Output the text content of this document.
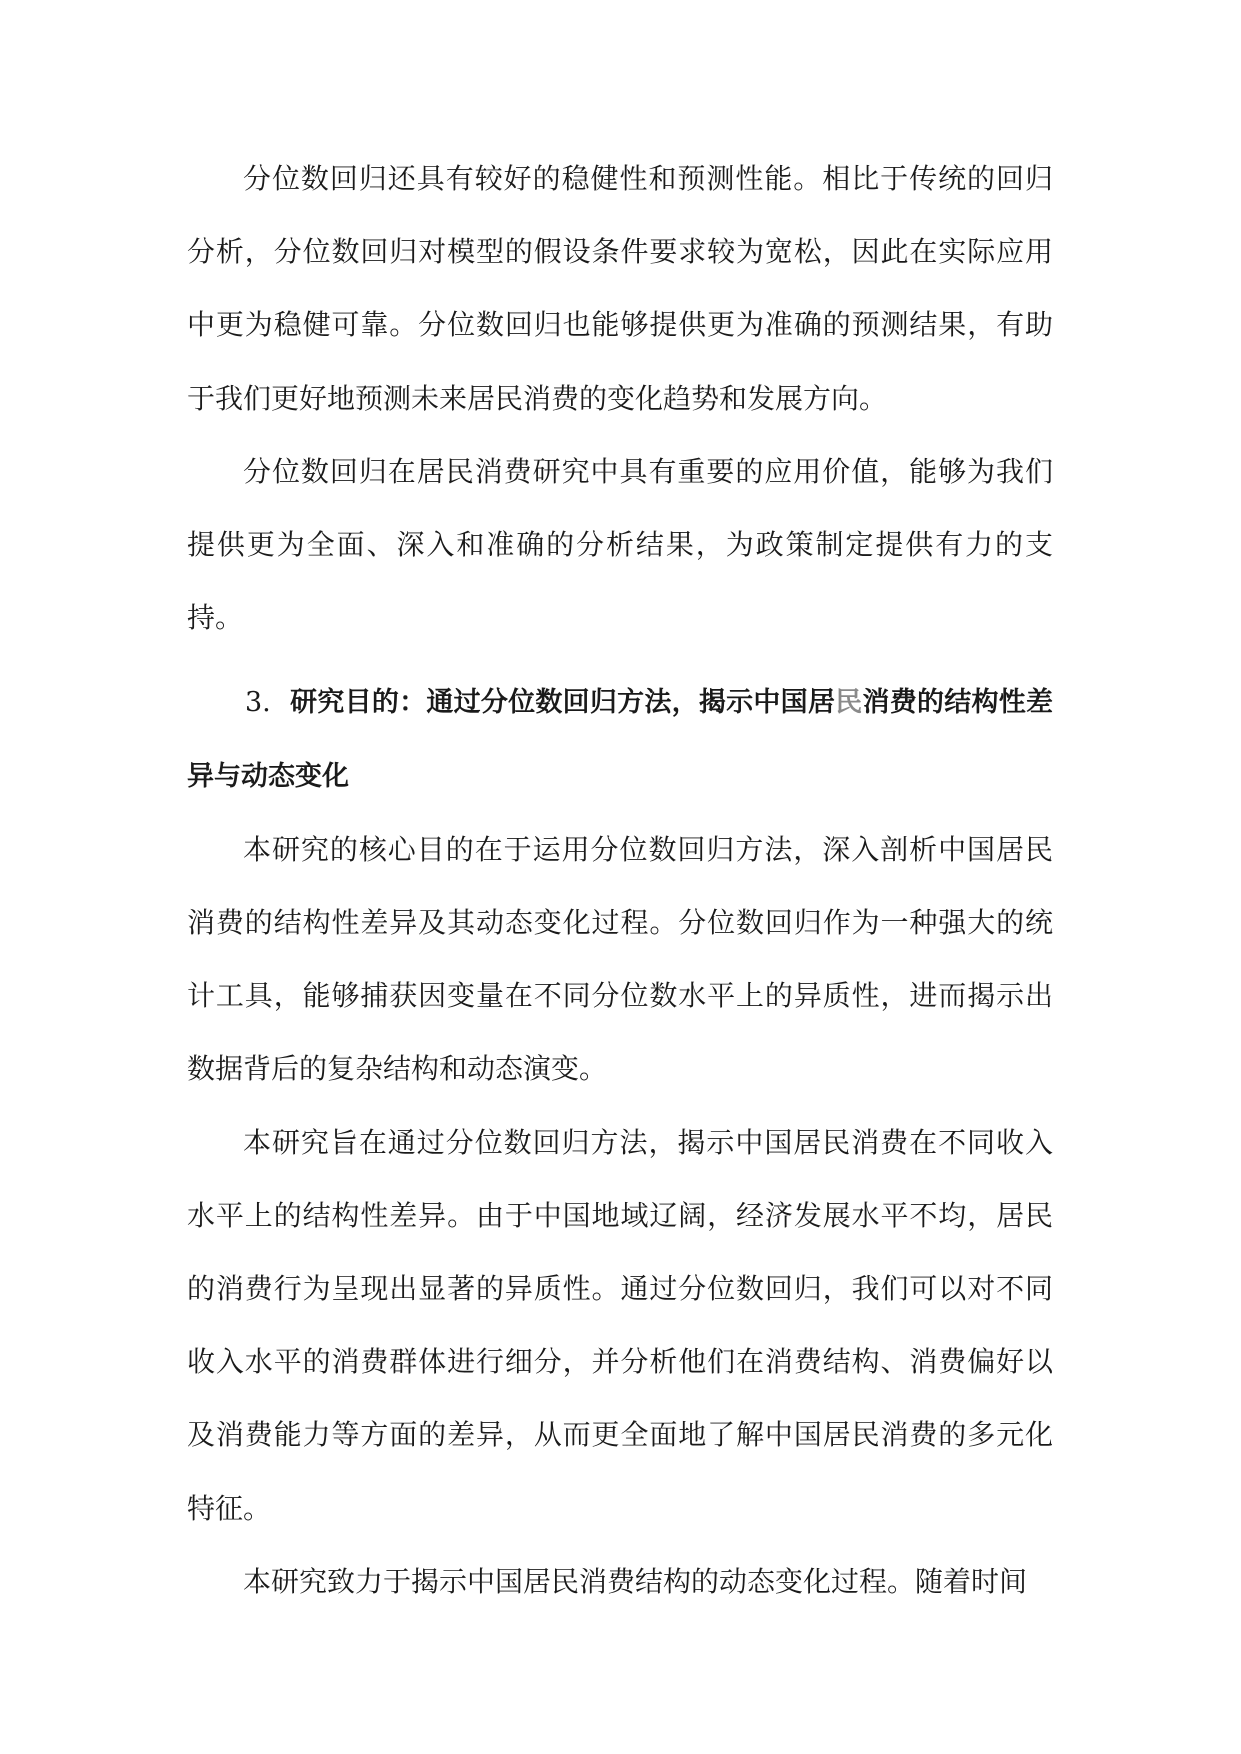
分位数回归还具有较好的稳健性和预测性能。相比于传统的回归分析，分位数回归对模型的假设条件要求较为宽松，因此在实际应用中更为稳健可靠。分位数回归也能够提供更为准确的预测结果，有助于我们更好地预测未来居民消费的变化趋势和发展方向。

分位数回归在居民消费研究中具有重要的应用价值，能够为我们提供更为全面、深入和准确的分析结果，为政策制定提供有力的支持。

3. 研究目的：通过分位数回归方法，揭示中国居民消费的结构性差异与动态变化

本研究的核心目的在于运用分位数回归方法，深入剖析中国居民消费的结构性差异及其动态变化过程。分位数回归作为一种强大的统计工具，能够捕获因变量在不同分位数水平上的异质性，进而揭示出数据背后的复杂结构和动态演变。

本研究旨在通过分位数回归方法，揭示中国居民消费在不同收入水平上的结构性差异。由于中国地域辽阔，经济发展水平不均，居民的消费行为呈现出显著的异质性。通过分位数回归，我们可以对不同收入水平的消费群体进行细分，并分析他们在消费结构、消费偏好以及消费能力等方面的差异，从而更全面地了解中国居民消费的多元化特征。

本研究致力于揭示中国居民消费结构的动态变化过程。随着时间
